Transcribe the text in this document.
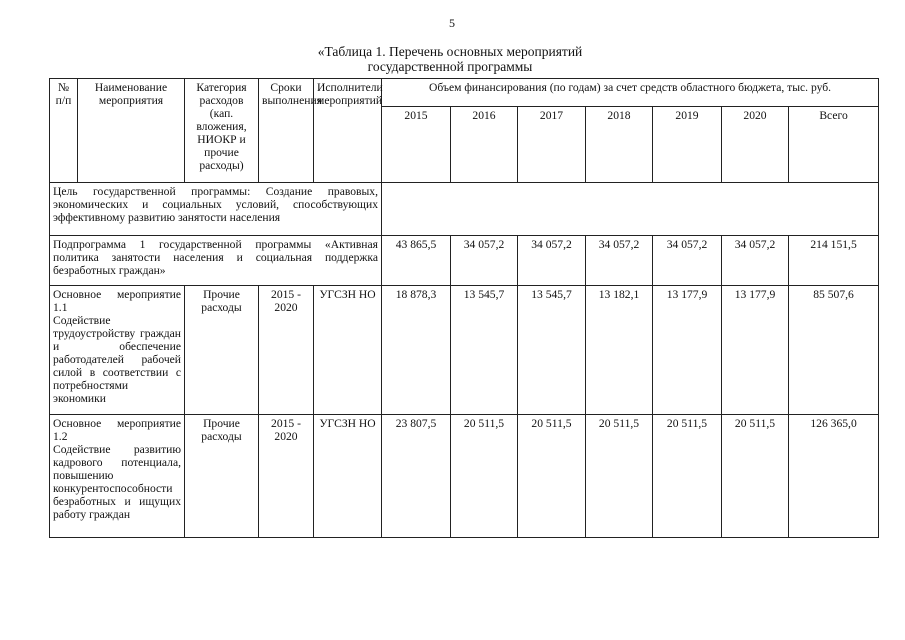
5
«Таблица 1. Перечень основных мероприятий
государственной программы
№ п/п	Наименование мероприятия	Категория расходов (кап. вложения, НИОКР и прочие расходы)	Сроки выполнения	Исполнители мероприятий	Объем финансирования (по годам) за счет средств областного бюджета, тыс. руб.						
					2015	2016	2017	2018	2019	2020	Всего
Цель государственной программы: Создание правовых, экономических и социальных условий, способствующих эффективному развитию занятости населения											
Подпрограмма 1 государственной программы «Активная политика занятости населения и социальная поддержка безработных граждан»					43 865,5	34 057,2	34 057,2	34 057,2	34 057,2	34 057,2	214 151,5

Основное мероприятие 1.1
Содействие трудоустройству граждан и обеспечение работодателей рабочей силой в соответствии с потребностями экономики		Прочие расходы	2015 - 2020	УГСЗН НО	18 878,3	13 545,7	13 545,7	13 182,1	13 177,9	13 177,9	85 507,6

Основное мероприятие 1.2
Содействие развитию кадрового потенциала, повышению конкурентоспособности безработных и ищущих работу граждан		Прочие расходы	2015 - 2020	УГСЗН НО	23 807,5	20 511,5	20 511,5	20 511,5	20 511,5	20 511,5	126 365,0
